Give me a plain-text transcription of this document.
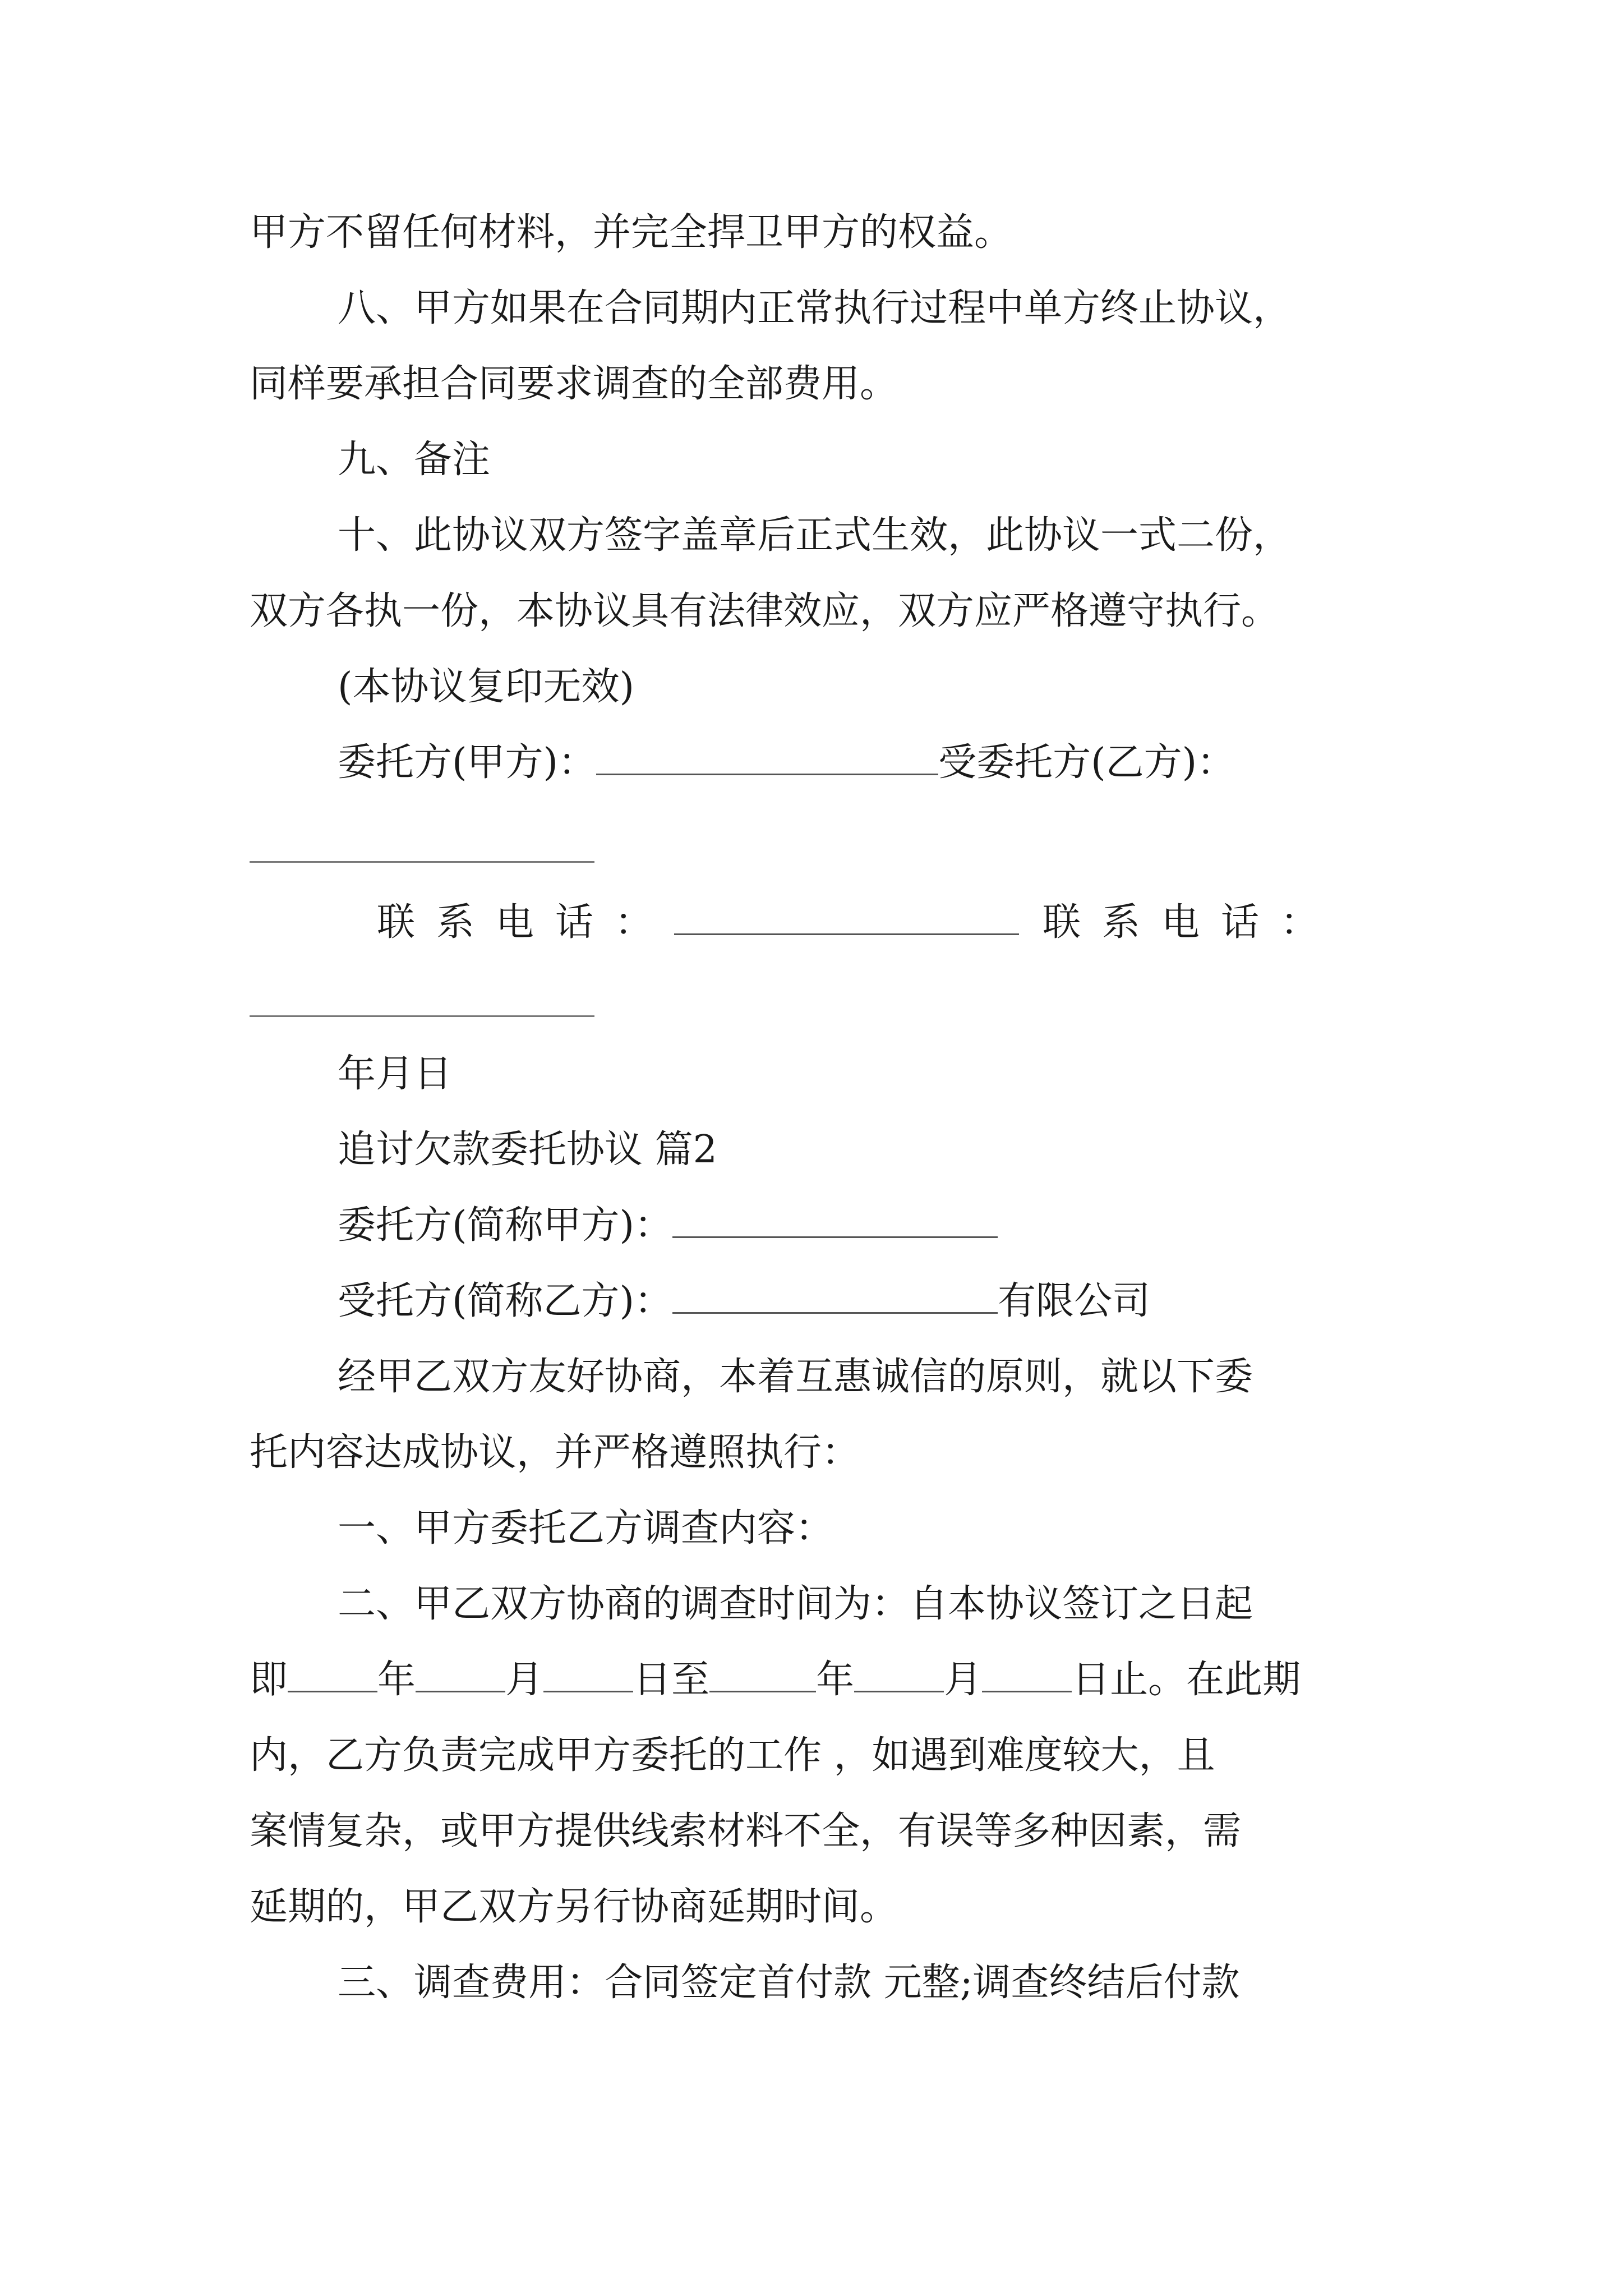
甲方不留任何材料，并完全捍卫甲方的权益。
八、甲方如果在合同期内正常执行过程中单方终止协议，
同样要承担合同要求调查的全部费用。
九、备注
十、此协议双方签字盖章后正式生效，此协议一式二份，
双方各执一份，本协议具有法律效应，双方应严格遵守执行。
(本协议复印无效)
委托方(甲方)：	受委托方(乙方)：
联系电话：	联系电话：
年月日
追讨欠款委托协议 篇2
委托方(简称甲方)：
受托方(简称乙方)：	有限公司
经甲乙双方友好协商，本着互惠诚信的原则，就以下委
托内容达成协议，并严格遵照执行：
一、甲方委托乙方调查内容：
二、甲乙双方协商的调查时间为：自本协议签订之日起
即 年 月 日至	年 月 日止。在此期
内，乙方负责完成甲方委托的工作 ，如遇到难度较大，且
案情复杂，或甲方提供线索材料不全，有误等多种因素，需
延期的，甲乙双方另行协商延期时间。
三、调查费用：合同签定首付款 元整;调查终结后付款
